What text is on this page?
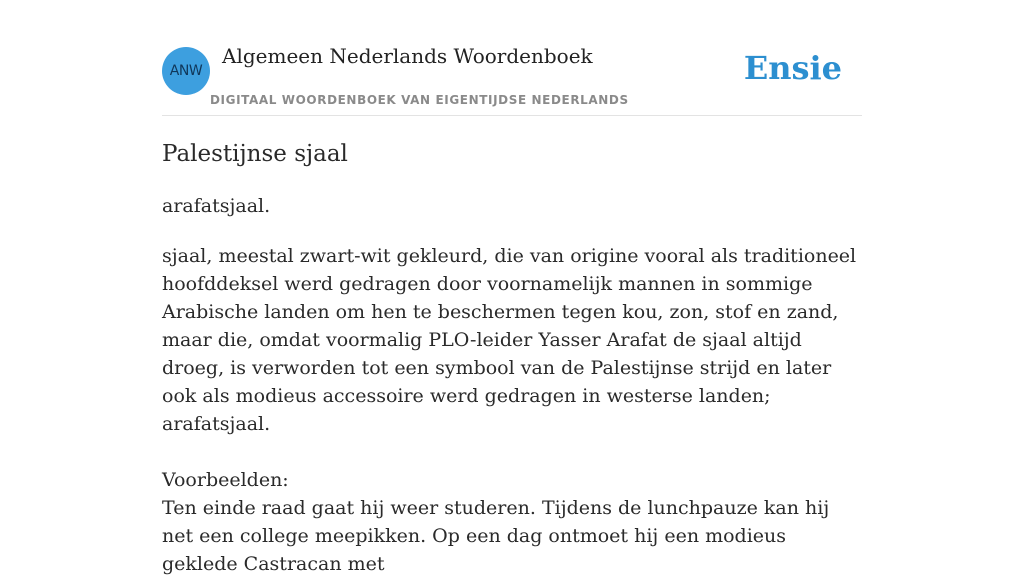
ANW
Algemeen Nederlands Woordenboek
DIGITAAL WOORDENBOEK VAN EIGENTIJDSE NEDERLANDS
Ensie
Palestijnse sjaal

arafatsjaal.

sjaal, meestal zwart-wit gekleurd, die van origine vooral als traditioneel hoofddeksel werd gedragen door voornamelijk mannen in sommige Arabische landen om hen te beschermen tegen kou, zon, stof en zand, maar die, omdat voormalig PLO-leider Yasser Arafat de sjaal altijd droeg, is verworden tot een symbool van de Palestijnse strijd en later ook als modieus accessoire werd gedragen in westerse landen; arafatsjaal.

Voorbeelden:
Ten einde raad gaat hij weer studeren. Tijdens de lunchpauze kan hij net een college meepikken. Op een dag ontmoet hij een modieus geklede Castracan met
